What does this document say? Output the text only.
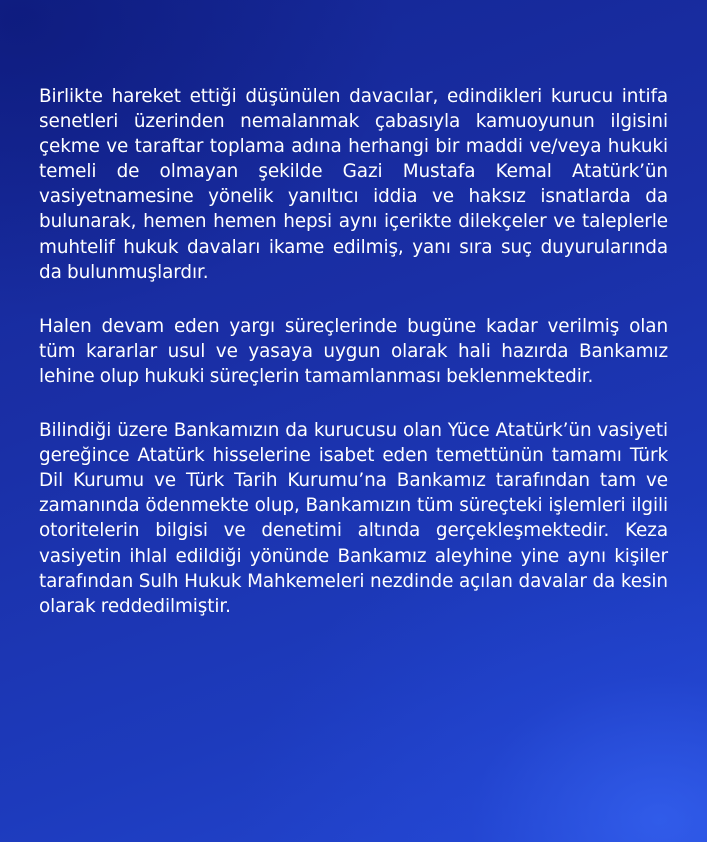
Birlikte hareket ettiği düşünülen davacılar, edindikleri kurucu intifa senetleri üzerinden nemalanmak çabasıyla kamuoyunun ilgisini çekme ve taraftar toplama adına herhangi bir maddi ve/veya hukuki temeli de olmayan şekilde Gazi Mustafa Kemal Atatürk’ün vasiyetnamesine yönelik yanıltıcı iddia ve haksız isnatlarda da bulunarak, hemen hemen hepsi aynı içerikte dilekçeler ve taleplerle muhtelif hukuk davaları ikame edilmiş, yanı sıra suç duyurularında da bulunmuşlardır.

Halen devam eden yargı süreçlerinde bugüne kadar verilmiş olan tüm kararlar usul ve yasaya uygun olarak hali hazırda Bankamız lehine olup hukuki süreçlerin tamamlanması beklenmektedir.

Bilindiği üzere Bankamızın da kurucusu olan Yüce Atatürk’ün vasiyeti gereğince Atatürk hisselerine isabet eden temettünün tamamı Türk Dil Kurumu ve Türk Tarih Kurumu’na Bankamız tarafından tam ve zamanında ödenmekte olup, Bankamızın tüm süreçteki işlemleri ilgili otoritelerin bilgisi ve denetimi altında gerçekleşmektedir. Keza vasiyetin ihlal edildiği yönünde Bankamız aleyhine yine aynı kişiler tarafından Sulh Hukuk Mahkemeleri nezdinde açılan davalar da kesin olarak reddedilmiştir.
